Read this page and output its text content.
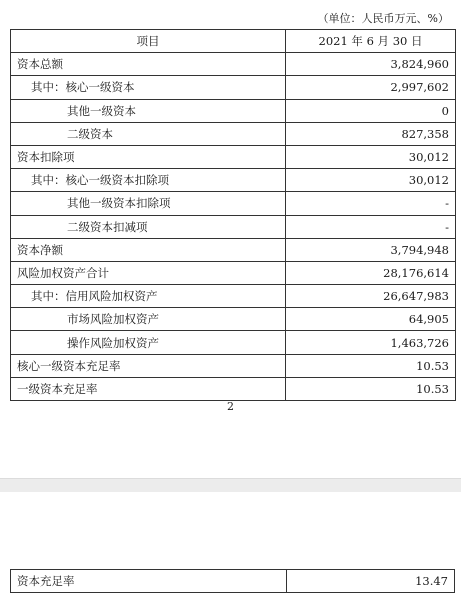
（单位：人民币万元、%）
项目	2021 年 6 月 30 日
资本总额	3,824,960
其中：核心一级资本	2,997,602
其他一级资本	0
二级资本	827,358
资本扣除项	30,012
其中：核心一级资本扣除项	30,012
其他一级资本扣除项	-
二级资本扣减项	-
资本净额	3,794,948
风险加权资产合计	28,176,614
其中：信用风险加权资产	26,647,983
市场风险加权资产	64,905
操作风险加权资产	1,463,726
核心一级资本充足率	10.53
一级资本充足率	10.53
2
资本充足率	13.47
